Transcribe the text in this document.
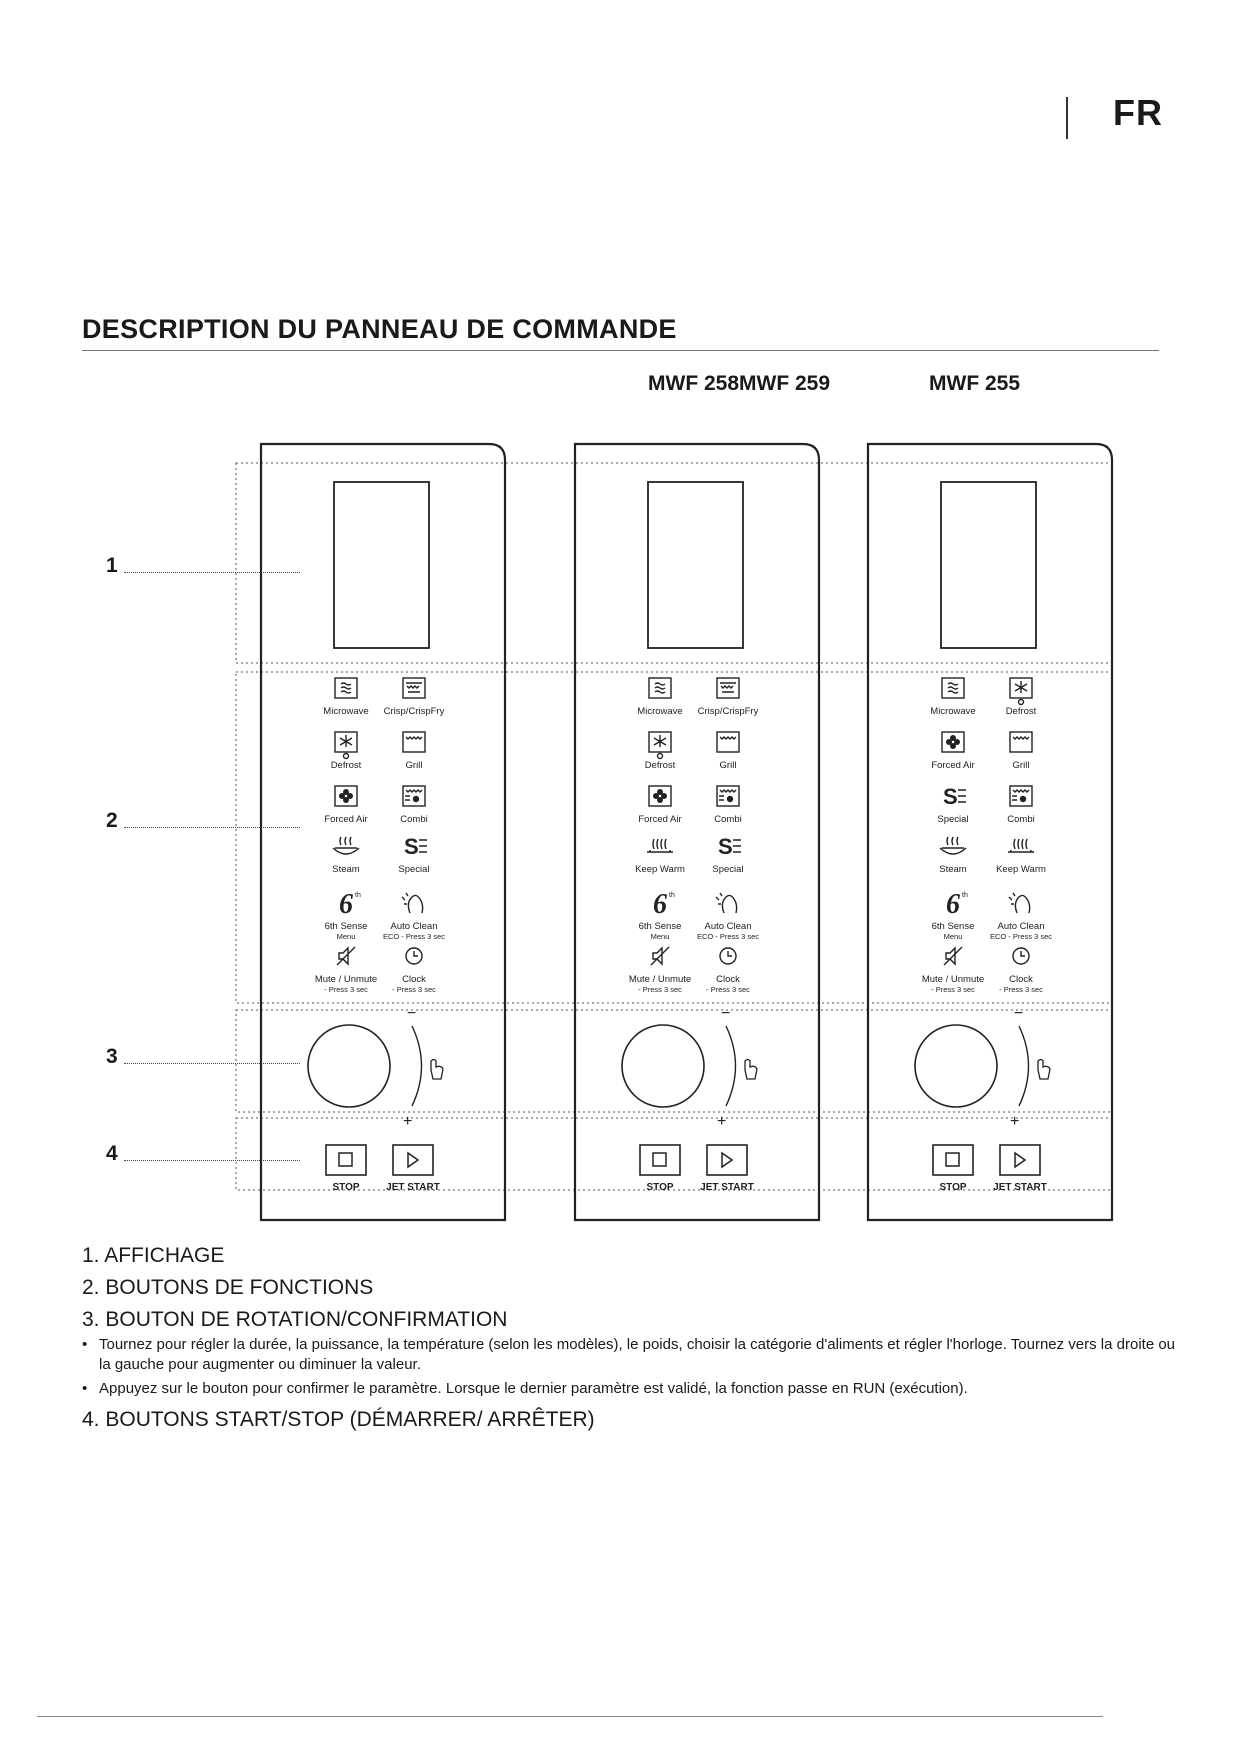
FR
DESCRIPTION DU PANNEAU DE COMMANDE
MWF 258MWF 259	MWF 255
1
2
3
4
Microwave Crisp/CrispFry
Defrost	Grill
Forced Air	Combi
Steam
S
Special
6 th
6th Sense
Menu
Auto Clean
ECO - Press 3 sec
Mute / Unmute
- Press 3 sec
Clock
- Press 3 sec
−
+
STOP	JET START
Microwave Crisp/CrispFry
Defrost	Grill
Forced Air	Combi
Keep Warm
S
Special
6 th
6th Sense
Menu
Auto Clean
ECO - Press 3 sec
Mute / Unmute
- Press 3 sec
Clock
- Press 3 sec
−
+
STOP	JET START
Microwave	Defrost
Forced Air	Grill
S
Special	Combi
Steam	Keep Warm
6 th
6th Sense
Menu
Auto Clean
ECO - Press 3 sec
Mute / Unmute
- Press 3 sec
Clock
- Press 3 sec
−
+
STOP	JET START
1. AFFICHAGE
2. BOUTONS DE FONCTIONS
3. BOUTON DE ROTATION/CONFIRMATION
• Tournez pour régler la durée, la puissance, la température (selon les modèles), le poids, choisir la catégorie d'aliments et régler l'horloge. Tournez vers la droite ou la gauche pour augmenter ou diminuer la valeur.
• Appuyez sur le bouton pour confirmer le paramètre. Lorsque le dernier paramètre est validé, la fonction passe en RUN (exécution).
4. BOUTONS START/STOP (DÉMARRER/ ARRÊTER)
